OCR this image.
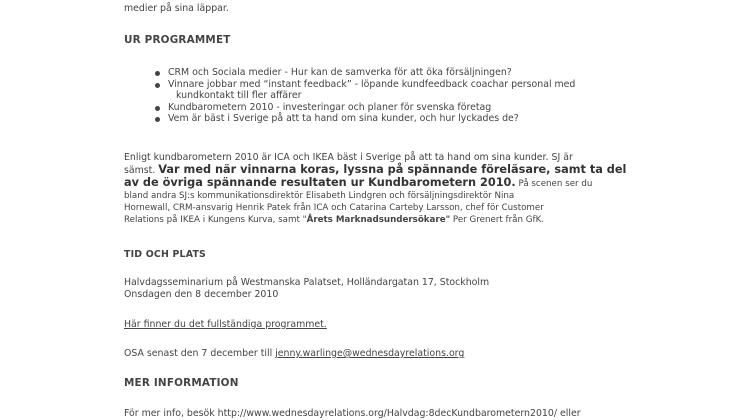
medier på sina läppar.
UR PROGRAMMET
CRM och Sociala medier - Hur kan de samverka för att öka försäljningen?
Vinnare jobbar med “instant feedback” - löpande kundfeedback coachar personal med
kundkontakt till fler affärer
Kundbarometern 2010 - investeringar och planer för svenska företag
Vem är bäst i Sverige på att ta hand om sina kunder, och hur lyckades de?
Enligt kundbarometern 2010 är ICA och IKEA bäst i Sverige på att ta hand om sina kunder. SJ är
sämst. Var med när vinnarna koras, lyssna på spännande föreläsare, samt ta del
av de övriga spännande resultaten ur Kundbarometern 2010. På scenen ser du
bland andra SJ:s kommunikationsdirektör Elisabeth Lindgren och försäljningsdirektör Nina
Hornewall, CRM-ansvarig Henrik Patek från ICA och Catarina Carteby Larsson, chef för Customer
Relations på IKEA i Kungens Kurva, samt "Årets Marknadsundersökare" Per Grenert från GfK.
TID OCH PLATS
Halvdagsseminarium på Westmanska Palatset, Holländargatan 17, Stockholm
Onsdagen den 8 december 2010
Här finner du det fullständiga programmet.
OSA senast den 7 december till jenny.warlinge@wednesdayrelations.org
MER INFORMATION
För mer info, besök http://www.wednesdayrelations.org/Halvdag:8decKundbarometern2010/ eller
